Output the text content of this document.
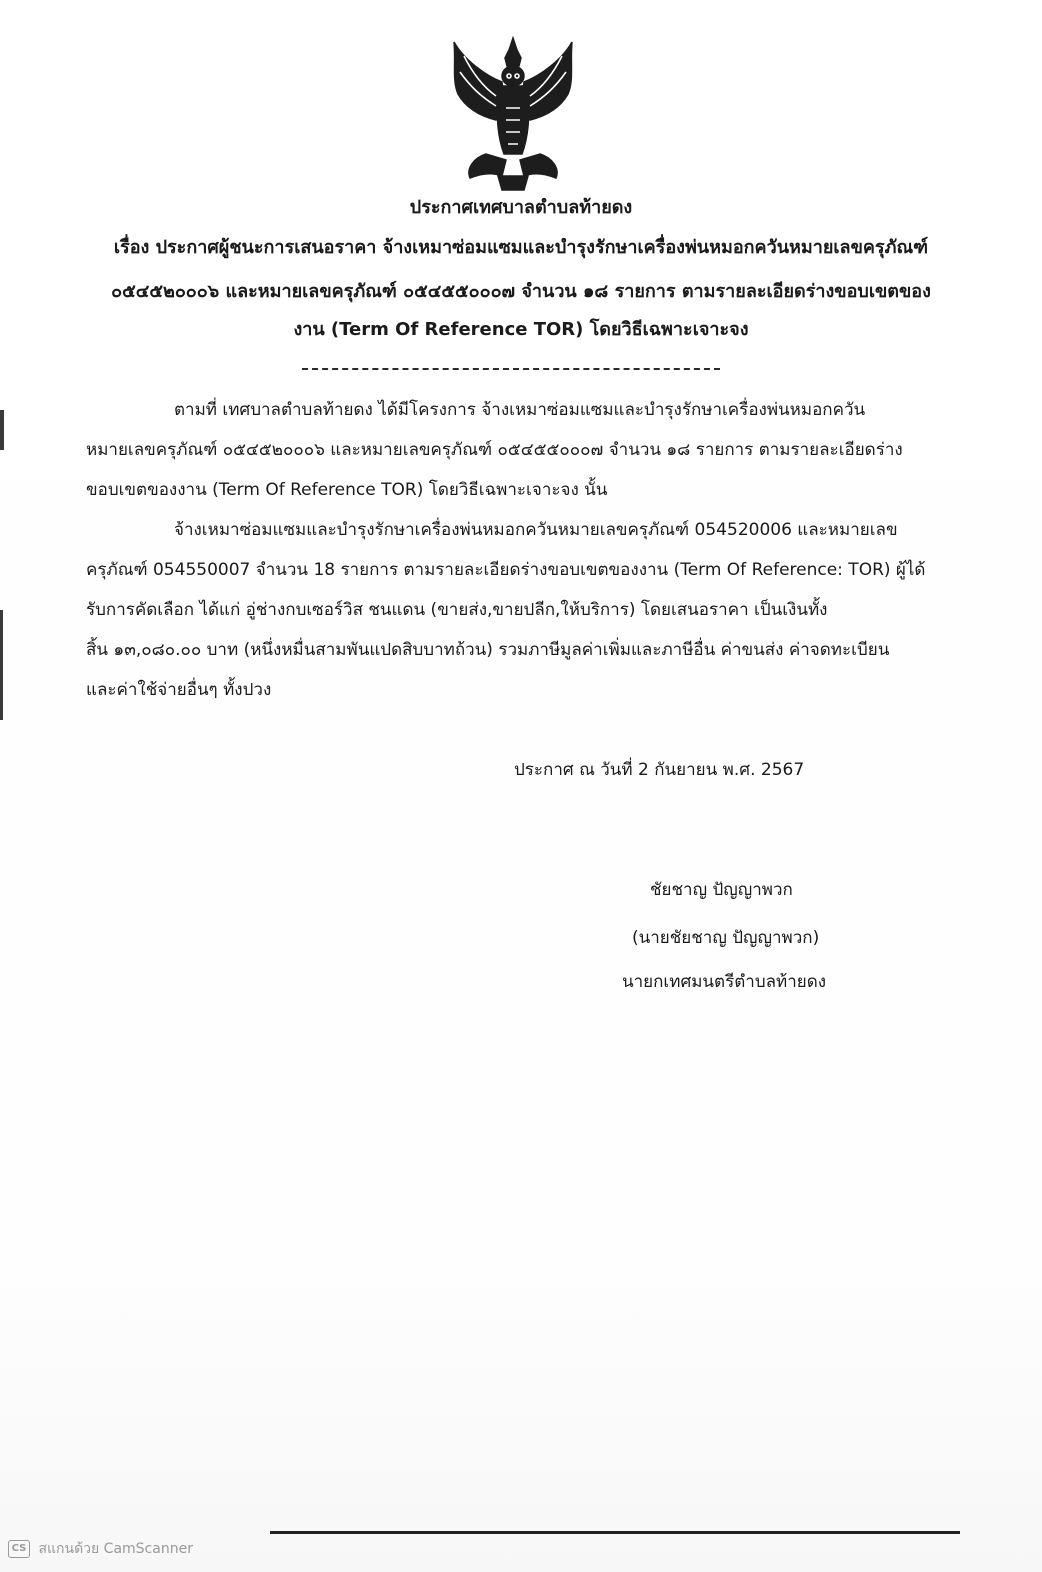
ประกาศเทศบาลตำบลท้ายดง
เรื่อง ประกาศผู้ชนะการเสนอราคา จ้างเหมาซ่อมแซมและบำรุงรักษาเครื่องพ่นหมอกควันหมายเลขครุภัณฑ์
๐๕๔๕๒๐๐๐๖ และหมายเลขครุภัณฑ์ ๐๕๔๕๕๐๐๐๗ จำนวน ๑๘ รายการ ตามรายละเอียดร่างขอบเขตของ
งาน (Term Of Reference TOR) โดยวิธีเฉพาะเจาะจง
ตามที่ เทศบาลตำบลท้ายดง ได้มีโครงการ จ้างเหมาซ่อมแซมและบำรุงรักษาเครื่องพ่นหมอกควัน
หมายเลขครุภัณฑ์ ๐๕๔๕๒๐๐๐๖ และหมายเลขครุภัณฑ์ ๐๕๔๕๕๐๐๐๗ จำนวน ๑๘ รายการ ตามรายละเอียดร่าง
ขอบเขตของงาน (Term Of Reference TOR) โดยวิธีเฉพาะเจาะจง นั้น
จ้างเหมาซ่อมแซมและบำรุงรักษาเครื่องพ่นหมอกควันหมายเลขครุภัณฑ์ 054520006 และหมายเลข
ครุภัณฑ์ 054550007 จำนวน 18 รายการ ตามรายละเอียดร่างขอบเขตของงาน (Term Of Reference: TOR) ผู้ได้
รับการคัดเลือก ได้แก่ อู่ช่างกบเซอร์วิส ชนแดน (ขายส่ง,ขายปลีก,ให้บริการ) โดยเสนอราคา เป็นเงินทั้ง
สิ้น ๑๓,๐๘๐.๐๐ บาท (หนึ่งหมื่นสามพันแปดสิบบาทถ้วน) รวมภาษีมูลค่าเพิ่มและภาษีอื่น ค่าขนส่ง ค่าจดทะเบียน
และค่าใช้จ่ายอื่นๆ ทั้งปวง
ประกาศ ณ วันที่ 2 กันยายน พ.ศ. 2567
ชัยชาญ ปัญญาพวก
(นายชัยชาญ ปัญญาพวก)
นายกเทศมนตรีตำบลท้ายดง
CS สแกนด้วย CamScanner
